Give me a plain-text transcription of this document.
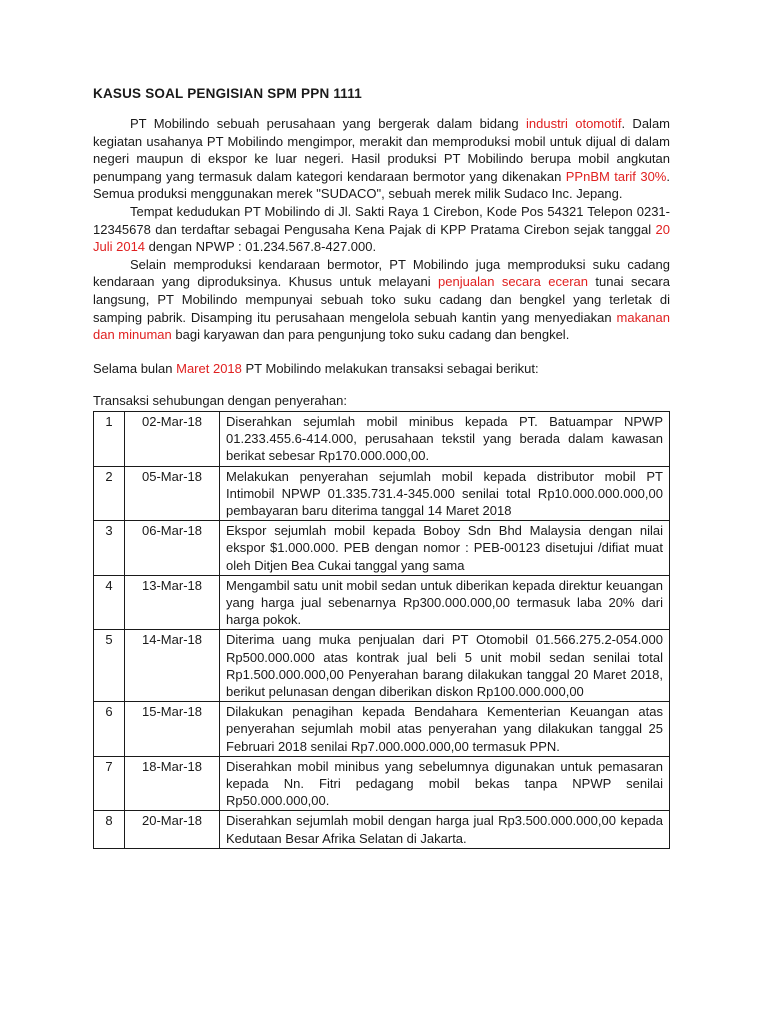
KASUS SOAL PENGISIAN SPM PPN 1111

PT Mobilindo sebuah perusahaan yang bergerak dalam bidang industri otomotif. Dalam kegiatan usahanya PT Mobilindo mengimpor, merakit dan memproduksi mobil untuk dijual di dalam negeri maupun di ekspor ke luar negeri. Hasil produksi PT Mobilindo berupa mobil angkutan penumpang yang termasuk dalam kategori kendaraan bermotor yang dikenakan PPnBM tarif 30%. Semua produksi menggunakan merek "SUDACO", sebuah merek milik Sudaco Inc. Jepang.

Tempat kedudukan PT Mobilindo di Jl. Sakti Raya 1 Cirebon, Kode Pos 54321 Telepon 0231-12345678 dan terdaftar sebagai Pengusaha Kena Pajak di KPP Pratama Cirebon sejak tanggal 20 Juli 2014 dengan NPWP : 01.234.567.8-427.000.

Selain memproduksi kendaraan bermotor, PT Mobilindo juga memproduksi suku cadang kendaraan yang diproduksinya. Khusus untuk melayani penjualan secara eceran tunai secara langsung, PT Mobilindo mempunyai sebuah toko suku cadang dan bengkel yang terletak di samping pabrik. Disamping itu perusahaan mengelola sebuah kantin yang menyediakan makanan dan minuman bagi karyawan dan para pengunjung toko suku cadang dan bengkel.

Selama bulan Maret 2018 PT Mobilindo melakukan transaksi sebagai berikut:

Transaksi sehubungan dengan penyerahan:

1	02-Mar-18	Diserahkan sejumlah mobil minibus kepada PT. Batuampar NPWP 01.233.455.6-414.000, perusahaan tekstil yang berada dalam kawasan berikat sebesar Rp170.000.000,00.
2	05-Mar-18	Melakukan penyerahan sejumlah mobil kepada distributor mobil PT Intimobil NPWP 01.335.731.4-345.000 senilai total Rp10.000.000.000,00 pembayaran baru diterima tanggal 14 Maret 2018
3	06-Mar-18	Ekspor sejumlah mobil kepada Boboy Sdn Bhd Malaysia dengan nilai ekspor $1.000.000. PEB dengan nomor : PEB-00123 disetujui /difiat muat oleh Ditjen Bea Cukai tanggal yang sama
4	13-Mar-18	Mengambil satu unit mobil sedan untuk diberikan kepada direktur keuangan yang harga jual sebenarnya Rp300.000.000,00 termasuk laba 20% dari harga pokok.
5	14-Mar-18	Diterima uang muka penjualan dari PT Otomobil 01.566.275.2-054.000 Rp500.000.000 atas kontrak jual beli 5 unit mobil sedan senilai total Rp1.500.000.000,00 Penyerahan barang dilakukan tanggal 20 Maret 2018, berikut pelunasan dengan diberikan diskon Rp100.000.000,00
6	15-Mar-18	Dilakukan penagihan kepada Bendahara Kementerian Keuangan atas penyerahan sejumlah mobil atas penyerahan yang dilakukan tanggal 25 Februari 2018 senilai Rp7.000.000.000,00 termasuk PPN.
7	18-Mar-18	Diserahkan mobil minibus yang sebelumnya digunakan untuk pemasaran kepada Nn. Fitri pedagang mobil bekas tanpa NPWP senilai Rp50.000.000,00.
8	20-Mar-18	Diserahkan sejumlah mobil dengan harga jual Rp3.500.000.000,00 kepada Kedutaan Besar Afrika Selatan di Jakarta.
